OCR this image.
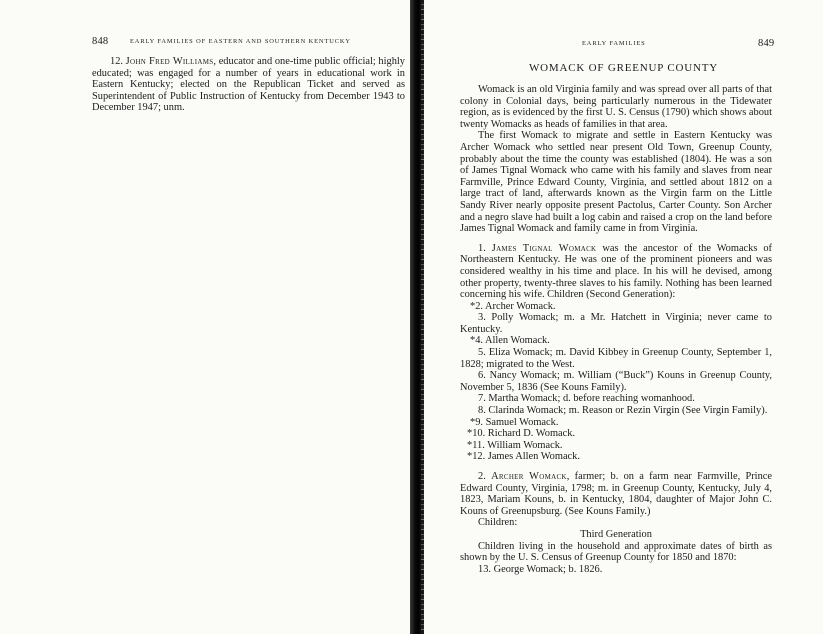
848	EARLY FAMILIES OF EASTERN AND SOUTHERN KENTUCKY

12. John Fred Williams, educator and one-time public official; highly educated; was engaged for a number of years in educational work in Eastern Kentucky; elected on the Republican Ticket and served as Superintendent of Public Instruction of Kentucky from December 1943 to December 1947; unm.

EARLY FAMILIES	849
WOMACK OF GREENUP COUNTY

Womack is an old Virginia family and was spread over all parts of that colony in Colonial days, being particularly numerous in the Tidewater region, as is evidenced by the first U. S. Census (1790) which shows about twenty Womacks as heads of families in that area.

The first Womack to migrate and settle in Eastern Kentucky was Archer Womack who settled near present Old Town, Greenup County, probably about the time the county was established (1804). He was a son of James Tignal Womack who came with his family and slaves from near Farmville, Prince Edward County, Virginia, and settled about 1812 on a large tract of land, afterwards known as the Virgin farm on the Little Sandy River nearly opposite present Pactolus, Carter County. Son Archer and a negro slave had built a log cabin and raised a crop on the land before James Tignal Womack and family came in from Virginia.

1. James Tignal Womack was the ancestor of the Womacks of Northeastern Kentucky. He was one of the prominent pioneers and was considered wealthy in his time and place. In his will he devised, among other property, twenty-three slaves to his family. Nothing has been learned concerning his wife. Children (Second Generation):

*2. Archer Womack.

3. Polly Womack; m. a Mr. Hatchett in Virginia; never came to Kentucky.

*4. Allen Womack.

5. Eliza Womack; m. David Kibbey in Greenup County, September 1, 1828; migrated to the West.

6. Nancy Womack; m. William (“Buck”) Kouns in Greenup County, November 5, 1836 (See Kouns Family).

7. Martha Womack; d. before reaching womanhood.

8. Clarinda Womack; m. Reason or Rezin Virgin (See Virgin Family).

*9. Samuel Womack.

*10. Richard D. Womack.

*11. William Womack.

*12. James Allen Womack.

2. Archer Womack, farmer; b. on a farm near Farmville, Prince Edward County, Virginia, 1798; m. in Greenup County, Kentucky, July 4, 1823, Mariam Kouns, b. in Kentucky, 1804, daughter of Major John C. Kouns of Greenupsburg. (See Kouns Family.)

Children:

Third Generation

Children living in the household and approximate dates of birth as shown by the U. S. Census of Greenup County for 1850 and 1870:

13. George Womack; b. 1826.
